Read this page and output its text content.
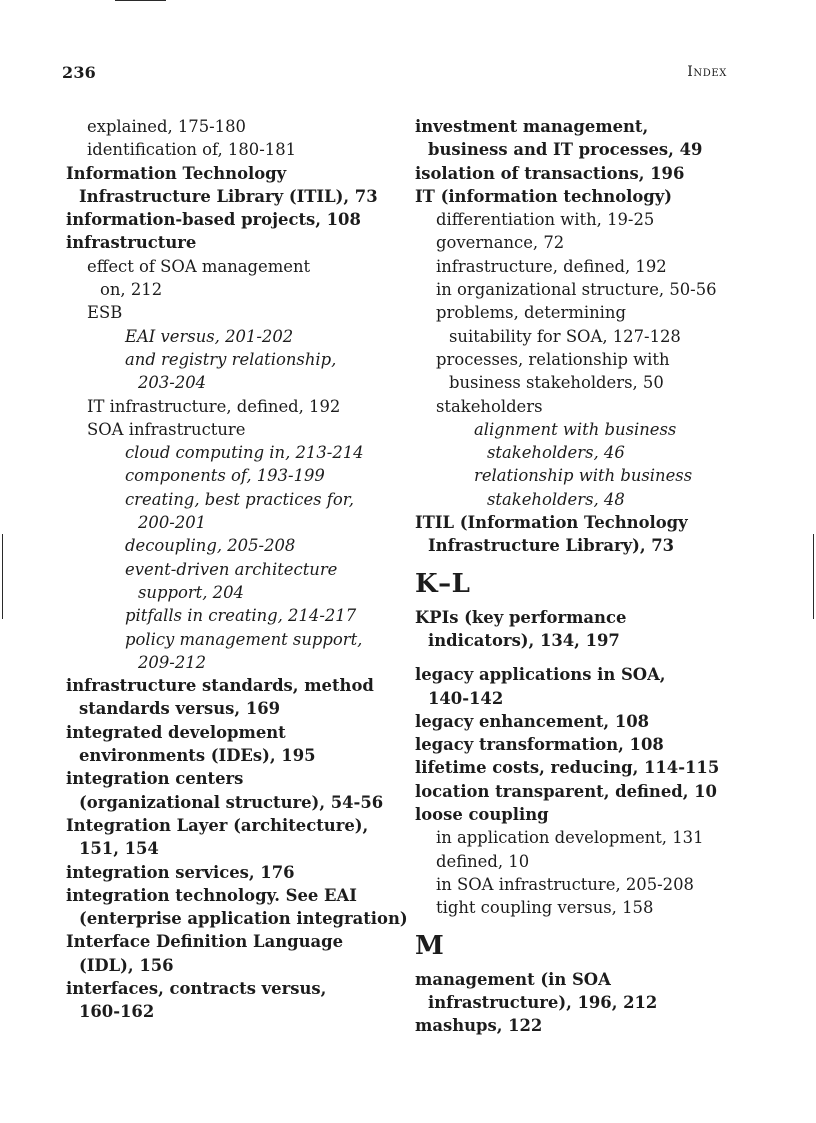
236	Index
explained, 175-180
identification of, 180-181
Information Technology
Infrastructure Library (ITIL), 73
information-based projects, 108
infrastructure
effect of SOA management
on, 212
ESB
EAI versus, 201-202
and registry relationship,
203-204
IT infrastructure, defined, 192
SOA infrastructure
cloud computing in, 213-214
components of, 193-199
creating, best practices for,
200-201
decoupling, 205-208
event-driven architecture
support, 204
pitfalls in creating, 214-217
policy management support,
209-212
infrastructure standards, method
standards versus, 169
integrated development
environments (IDEs), 195
integration centers
(organizational structure), 54-56
Integration Layer (architecture),
151, 154
integration services, 176
integration technology. See EAI
(enterprise application integration)
Interface Definition Language
(IDL), 156
interfaces, contracts versus,
160-162
investment management,
business and IT processes, 49
isolation of transactions, 196
IT (information technology)
differentiation with, 19-25
governance, 72
infrastructure, defined, 192
in organizational structure, 50-56
problems, determining
suitability for SOA, 127-128
processes, relationship with
business stakeholders, 50
stakeholders
alignment with business
stakeholders, 46
relationship with business
stakeholders, 48
ITIL (Information Technology
Infrastructure Library), 73
K–L
KPIs (key performance
indicators), 134, 197
legacy applications in SOA,
140-142
legacy enhancement, 108
legacy transformation, 108
lifetime costs, reducing, 114-115
location transparent, defined, 10
loose coupling
in application development, 131
defined, 10
in SOA infrastructure, 205-208
tight coupling versus, 158
M
management (in SOA
infrastructure), 196, 212
mashups, 122
